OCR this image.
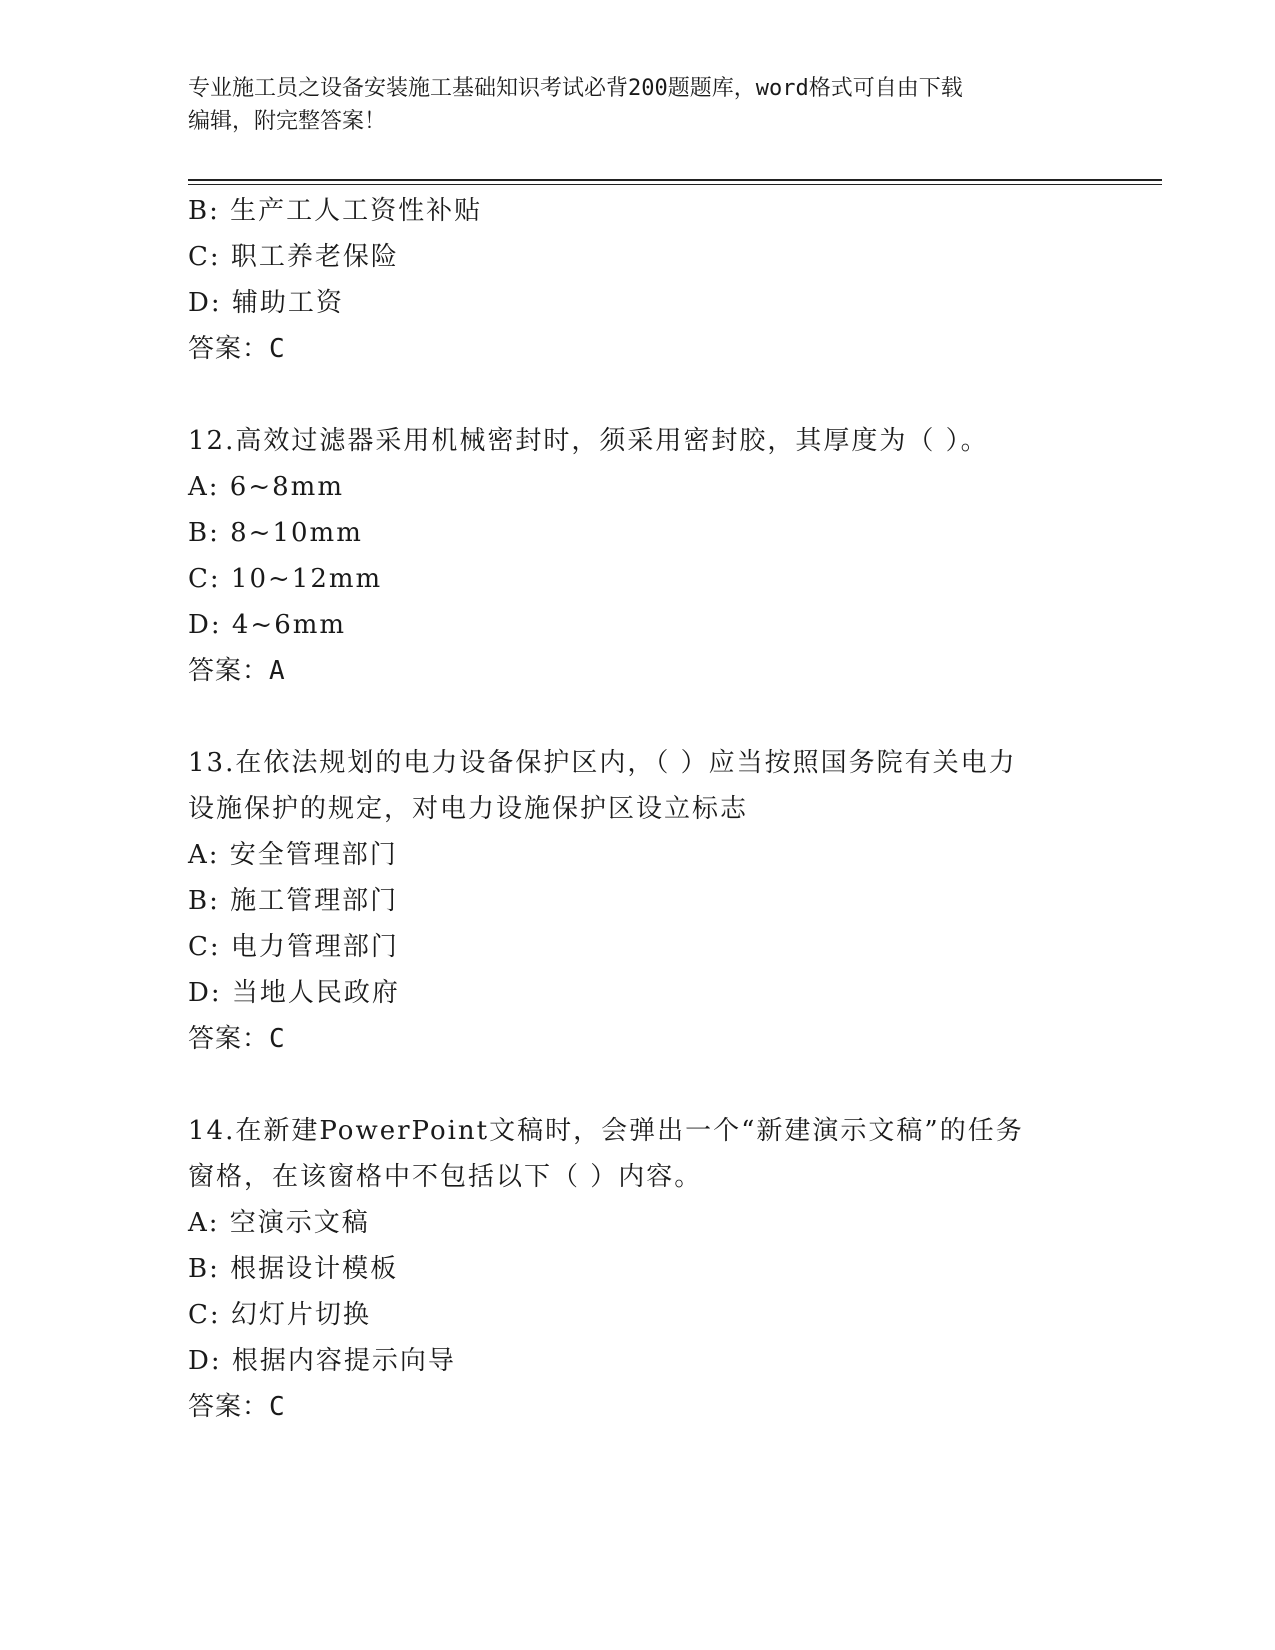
专业施工员之设备安装施工基础知识考试必背200题题库，word格式可自由下载
编辑，附完整答案！
B: 生产工人工资性补贴
C: 职工养老保险
D: 辅助工资
答案：C
12.高效过滤器采用机械密封时，须采用密封胶，其厚度为（ ）。
A: 6~8mm
B: 8~10mm
C: 10~12mm
D: 4~6mm
答案：A
13.在依法规划的电力设备保护区内，（ ）应当按照国务院有关电力
设施保护的规定，对电力设施保护区设立标志
A: 安全管理部门
B: 施工管理部门
C: 电力管理部门
D: 当地人民政府
答案：C
14.在新建PowerPoint文稿时，会弹出一个“新建演示文稿”的任务
窗格，在该窗格中不包括以下（ ）内容。
A: 空演示文稿
B: 根据设计模板
C: 幻灯片切换
D: 根据内容提示向导
答案：C
